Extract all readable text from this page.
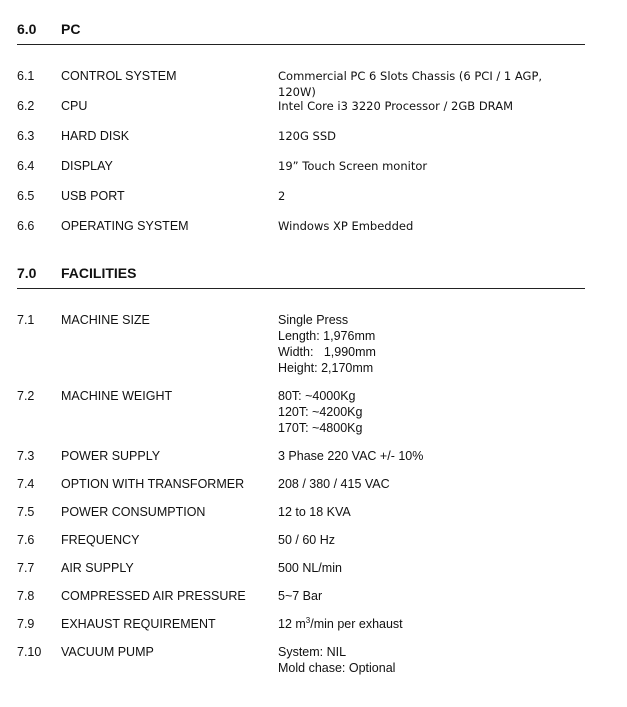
6.0	PC
6.1	CONTROL SYSTEM	Commercial PC 6 Slots Chassis (6 PCI / 1 AGP, 120W)
6.2	CPU	Intel Core i3 3220 Processor / 2GB DRAM
6.3	HARD DISK	120G SSD
6.4	DISPLAY	19” Touch Screen monitor
6.5	USB PORT	2
6.6	OPERATING SYSTEM	Windows XP Embedded
7.0	FACILITIES
7.1	MACHINE SIZE	Single Press
Length: 1,976mm
Width:   1,990mm
Height: 2,170mm
7.2	MACHINE WEIGHT	80T: ~4000Kg
120T: ~4200Kg
170T: ~4800Kg
7.3	POWER SUPPLY	3 Phase 220 VAC +/- 10%
7.4	OPTION WITH TRANSFORMER	208 / 380 / 415 VAC
7.5	POWER CONSUMPTION	12 to 18 KVA
7.6	FREQUENCY	50 / 60 Hz
7.7	AIR SUPPLY	500 NL/min
7.8	COMPRESSED AIR PRESSURE	5~7 Bar
7.9	EXHAUST REQUIREMENT	12 $m^3/\min$ per exhaust
7.10	VACUUM PUMP	System: NIL
Mold chase: Optional
